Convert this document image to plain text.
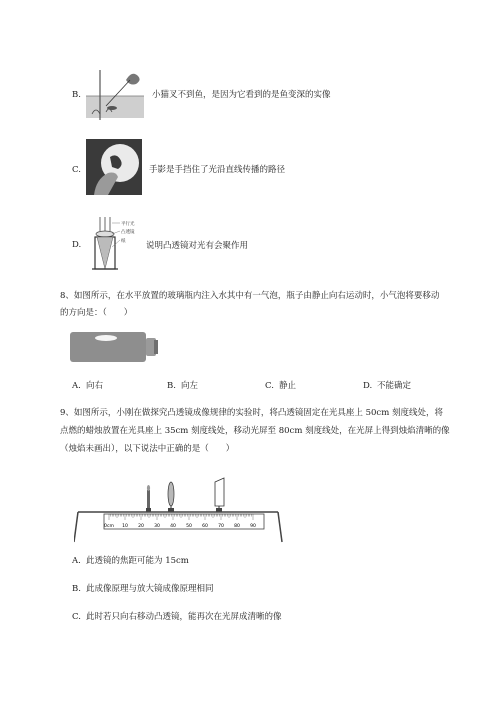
B.	小猫叉不到鱼，是因为它看到的是鱼变深的实像
C.	手影是手挡住了光沿直线传播的路径
D.
平行光
凸透镜
纸 说明凸透镜对光有会聚作用
8、如图所示，在水平放置的玻璃瓶内注入水其中有一气泡，瓶子由静止向右运动时，小气泡将要移动
的方向是：（　　）
A. 向右	B. 向左	C. 静止	D. 不能确定
9、如图所示，小刚在做探究凸透镜成像规律的实验时，将凸透镜固定在光具座上 50cm 刻度线处，将
点燃的蜡烛放置在光具座上 35cm 刻度线处，移动光屏至 80cm 刻度线处，在光屏上得到烛焰清晰的像
（烛焰未画出），以下说法中正确的是（　　）
0cm 10 20 30 40 50 60 70 80 90
A. 此透镜的焦距可能为 15cm
B. 此成像原理与放大镜成像原理相同
C. 此时若只向右移动凸透镜，能再次在光屏成清晰的像
